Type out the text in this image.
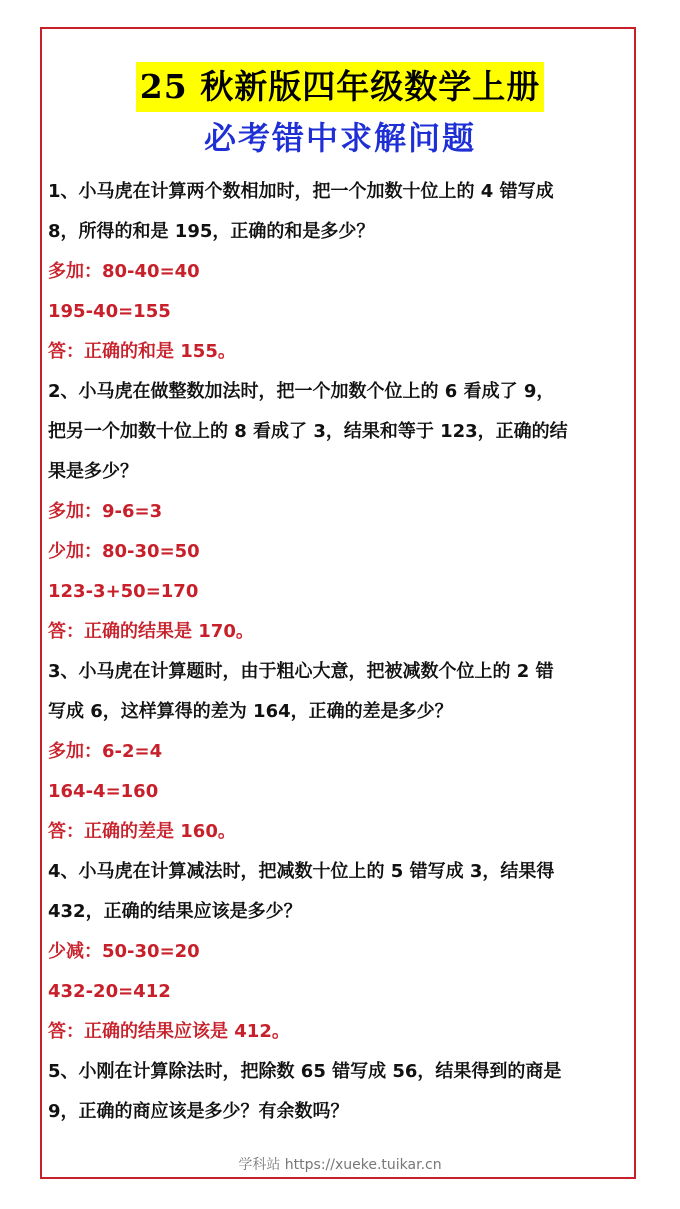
25 秋新版四年级数学上册
必考错中求解问题
1、小马虎在计算两个数相加时，把一个加数十位上的 4 错写成
8，所得的和是 195，正确的和是多少？
多加：80-40=40
195-40=155
答：正确的和是 155。
2、小马虎在做整数加法时，把一个加数个位上的 6 看成了 9，
把另一个加数十位上的 8 看成了 3，结果和等于 123，正确的结
果是多少？
多加：9-6=3
少加：80-30=50
123-3+50=170
答：正确的结果是 170。
3、小马虎在计算题时，由于粗心大意，把被减数个位上的 2 错
写成 6，这样算得的差为 164，正确的差是多少？
多加：6-2=4
164-4=160
答：正确的差是 160。
4、小马虎在计算减法时，把减数十位上的 5 错写成 3，结果得
432，正确的结果应该是多少？
少减：50-30=20
432-20=412
答：正确的结果应该是 412。
5、小刚在计算除法时，把除数 65 错写成 56，结果得到的商是
9，正确的商应该是多少？有余数吗？
学科站 https://xueke.tuikar.cn
